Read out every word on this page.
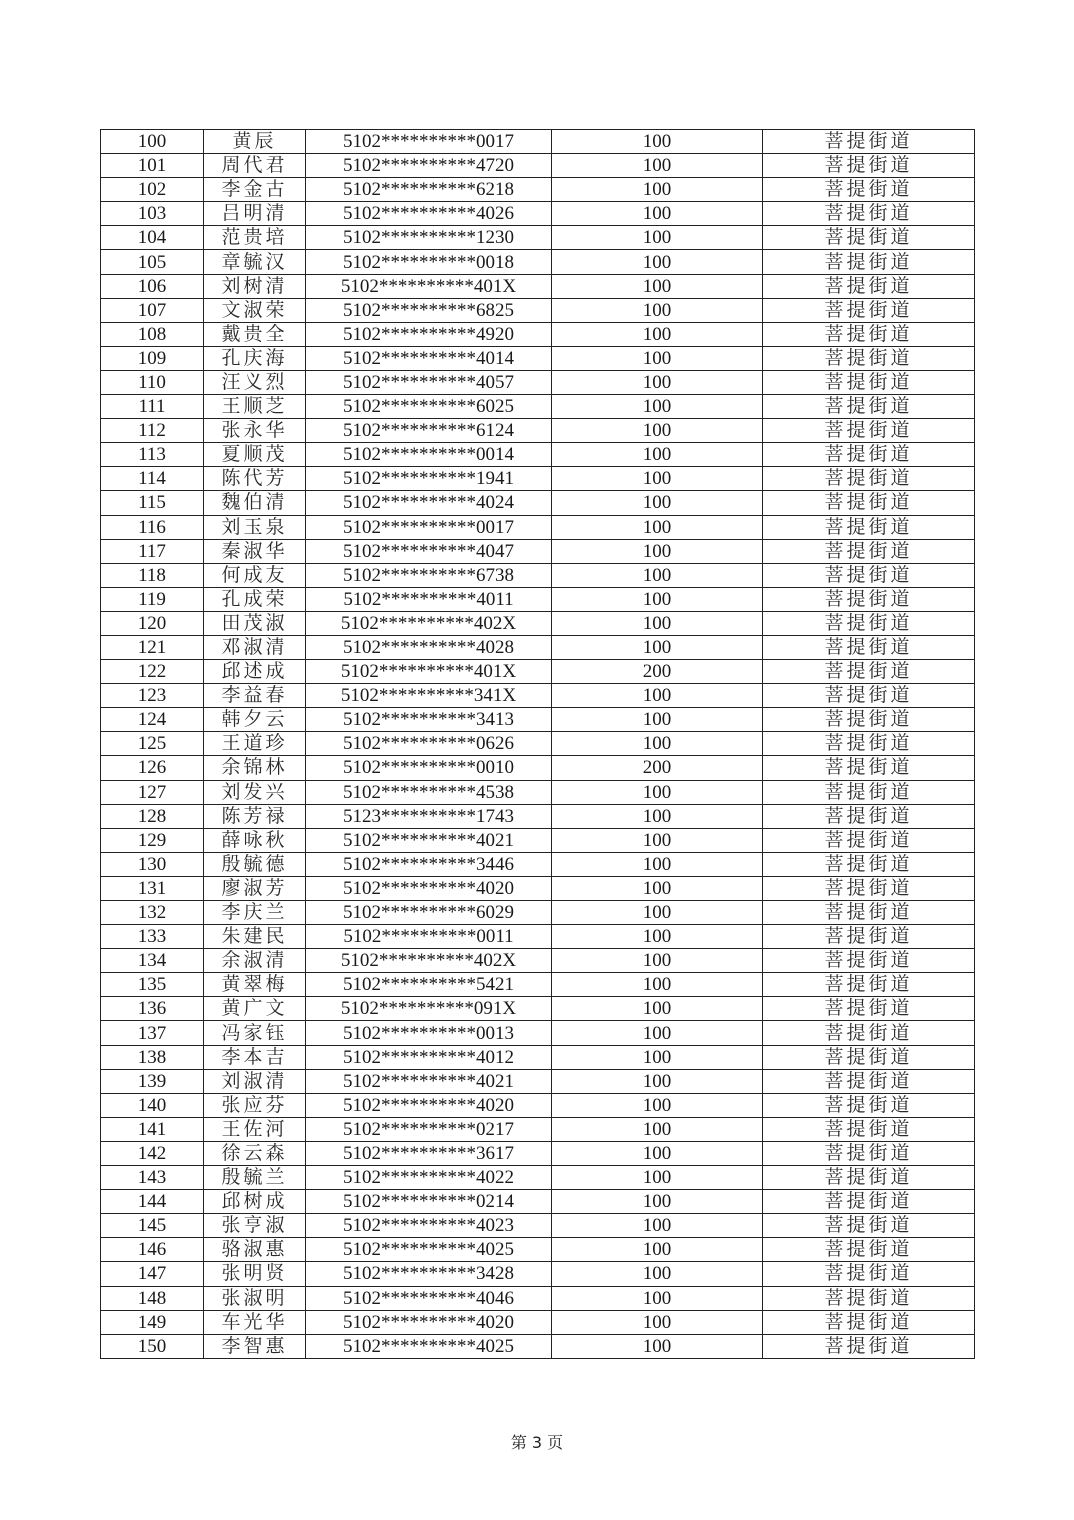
100	黄辰	5102**********0017	100	菩提街道
101	周代君	5102**********4720	100	菩提街道
102	李金古	5102**********6218	100	菩提街道
103	吕明清	5102**********4026	100	菩提街道
104	范贵培	5102**********1230	100	菩提街道
105	章毓汉	5102**********0018	100	菩提街道
106	刘树清	5102**********401X	100	菩提街道
107	文淑荣	5102**********6825	100	菩提街道
108	戴贵全	5102**********4920	100	菩提街道
109	孔庆海	5102**********4014	100	菩提街道
110	汪义烈	5102**********4057	100	菩提街道
111	王顺芝	5102**********6025	100	菩提街道
112	张永华	5102**********6124	100	菩提街道
113	夏顺茂	5102**********0014	100	菩提街道
114	陈代芳	5102**********1941	100	菩提街道
115	魏伯清	5102**********4024	100	菩提街道
116	刘玉泉	5102**********0017	100	菩提街道
117	秦淑华	5102**********4047	100	菩提街道
118	何成友	5102**********6738	100	菩提街道
119	孔成荣	5102**********4011	100	菩提街道
120	田茂淑	5102**********402X	100	菩提街道
121	邓淑清	5102**********4028	100	菩提街道
122	邱述成	5102**********401X	200	菩提街道
123	李益春	5102**********341X	100	菩提街道
124	韩夕云	5102**********3413	100	菩提街道
125	王道珍	5102**********0626	100	菩提街道
126	余锦林	5102**********0010	200	菩提街道
127	刘发兴	5102**********4538	100	菩提街道
128	陈芳禄	5123**********1743	100	菩提街道
129	薛咏秋	5102**********4021	100	菩提街道
130	殷毓德	5102**********3446	100	菩提街道
131	廖淑芳	5102**********4020	100	菩提街道
132	李庆兰	5102**********6029	100	菩提街道
133	朱建民	5102**********0011	100	菩提街道
134	余淑清	5102**********402X	100	菩提街道
135	黄翠梅	5102**********5421	100	菩提街道
136	黄广文	5102**********091X	100	菩提街道
137	冯家钰	5102**********0013	100	菩提街道
138	李本吉	5102**********4012	100	菩提街道
139	刘淑清	5102**********4021	100	菩提街道
140	张应芬	5102**********4020	100	菩提街道
141	王佐河	5102**********0217	100	菩提街道
142	徐云森	5102**********3617	100	菩提街道
143	殷毓兰	5102**********4022	100	菩提街道
144	邱树成	5102**********0214	100	菩提街道
145	张亨淑	5102**********4023	100	菩提街道
146	骆淑惠	5102**********4025	100	菩提街道
147	张明贤	5102**********3428	100	菩提街道
148	张淑明	5102**********4046	100	菩提街道
149	车光华	5102**********4020	100	菩提街道
150	李智惠	5102**********4025	100	菩提街道
第 3 页
